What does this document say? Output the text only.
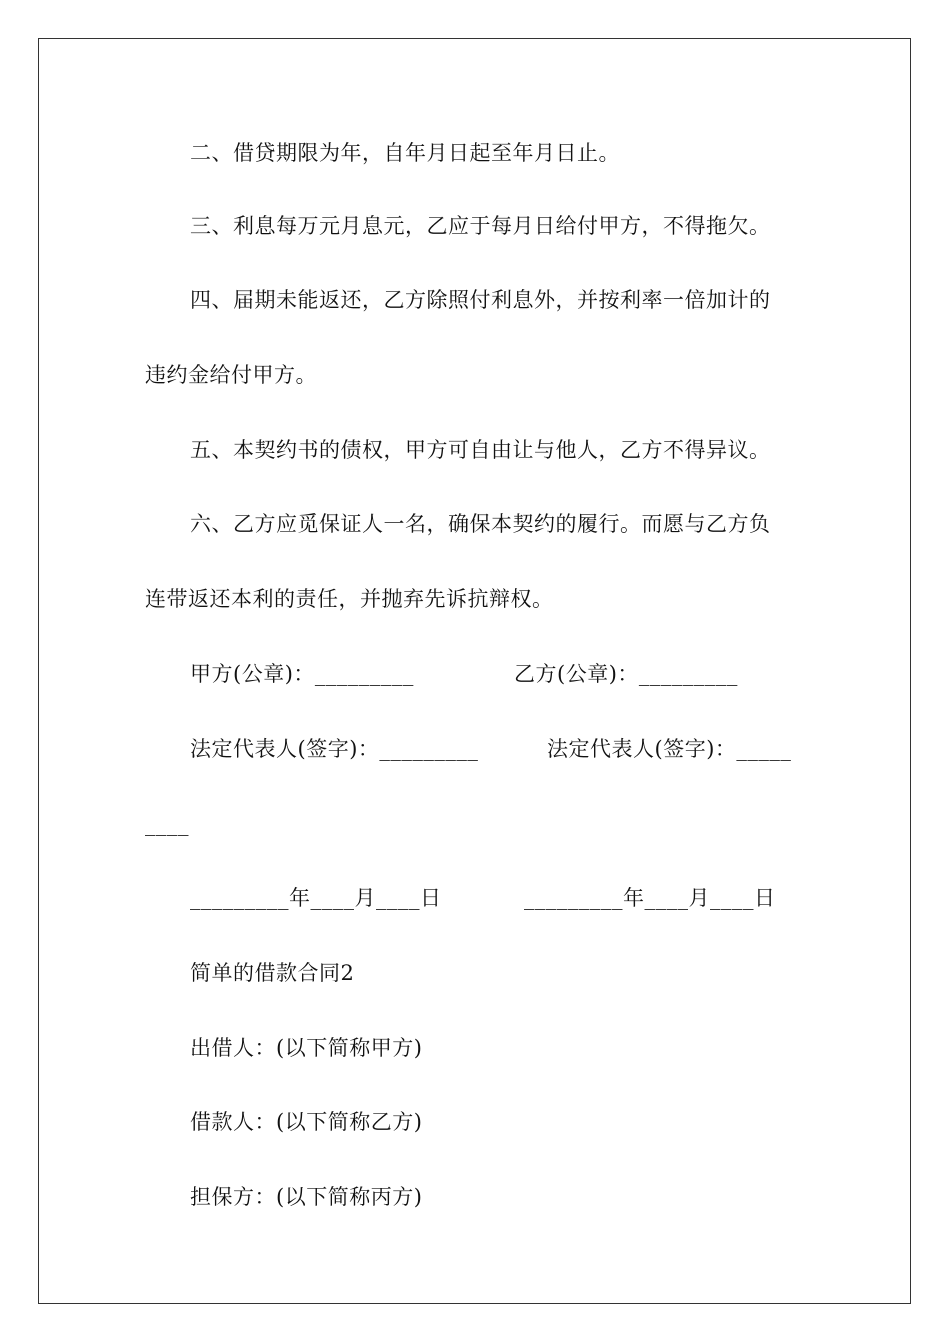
二、借贷期限为年，自年月日起至年月日止。
三、利息每万元月息元，乙应于每月日给付甲方，不得拖欠。
四、届期未能返还，乙方除照付利息外，并按利率一倍加计的
违约金给付甲方。
五、本契约书的债权，甲方可自由让与他人，乙方不得异议。
六、乙方应觅保证人一名，确保本契约的履行。而愿与乙方负
连带返还本利的责任，并抛弃先诉抗辩权。
甲方(公章)：_________	乙方(公章)：_________
法定代表人(签字)：_________	法定代表人(签字)：_____
____
_________年____月____日	_________年____月____日
简单的借款合同2
出借人：(以下简称甲方)
借款人：(以下简称乙方)
担保方：(以下简称丙方)
